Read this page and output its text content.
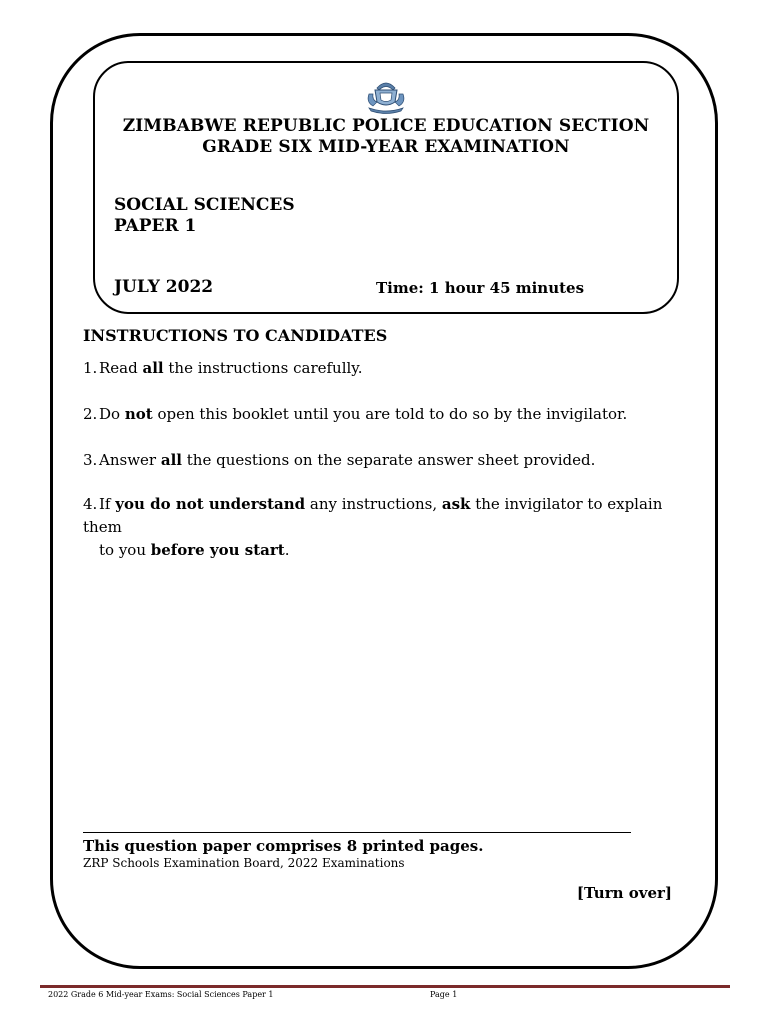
ZIMBABWE REPUBLIC POLICE EDUCATION SECTION
GRADE SIX MID-YEAR EXAMINATION
SOCIAL SCIENCES
PAPER 1
JULY 2022	Time: 1 hour 45 minutes
INSTRUCTIONS TO CANDIDATES
1. Read all the instructions carefully.
2. Do not open this booklet until you are told to do so by the invigilator.
3. Answer all the questions on the separate answer sheet provided.
4. If you do not understand any instructions, ask the invigilator to explain them
to you before you start.
This question paper comprises 8 printed pages.
ZRP Schools Examination Board, 2022 Examinations
[Turn over]
2022 Grade 6 Mid-year Exams: Social Sciences Paper 1	Page 1
